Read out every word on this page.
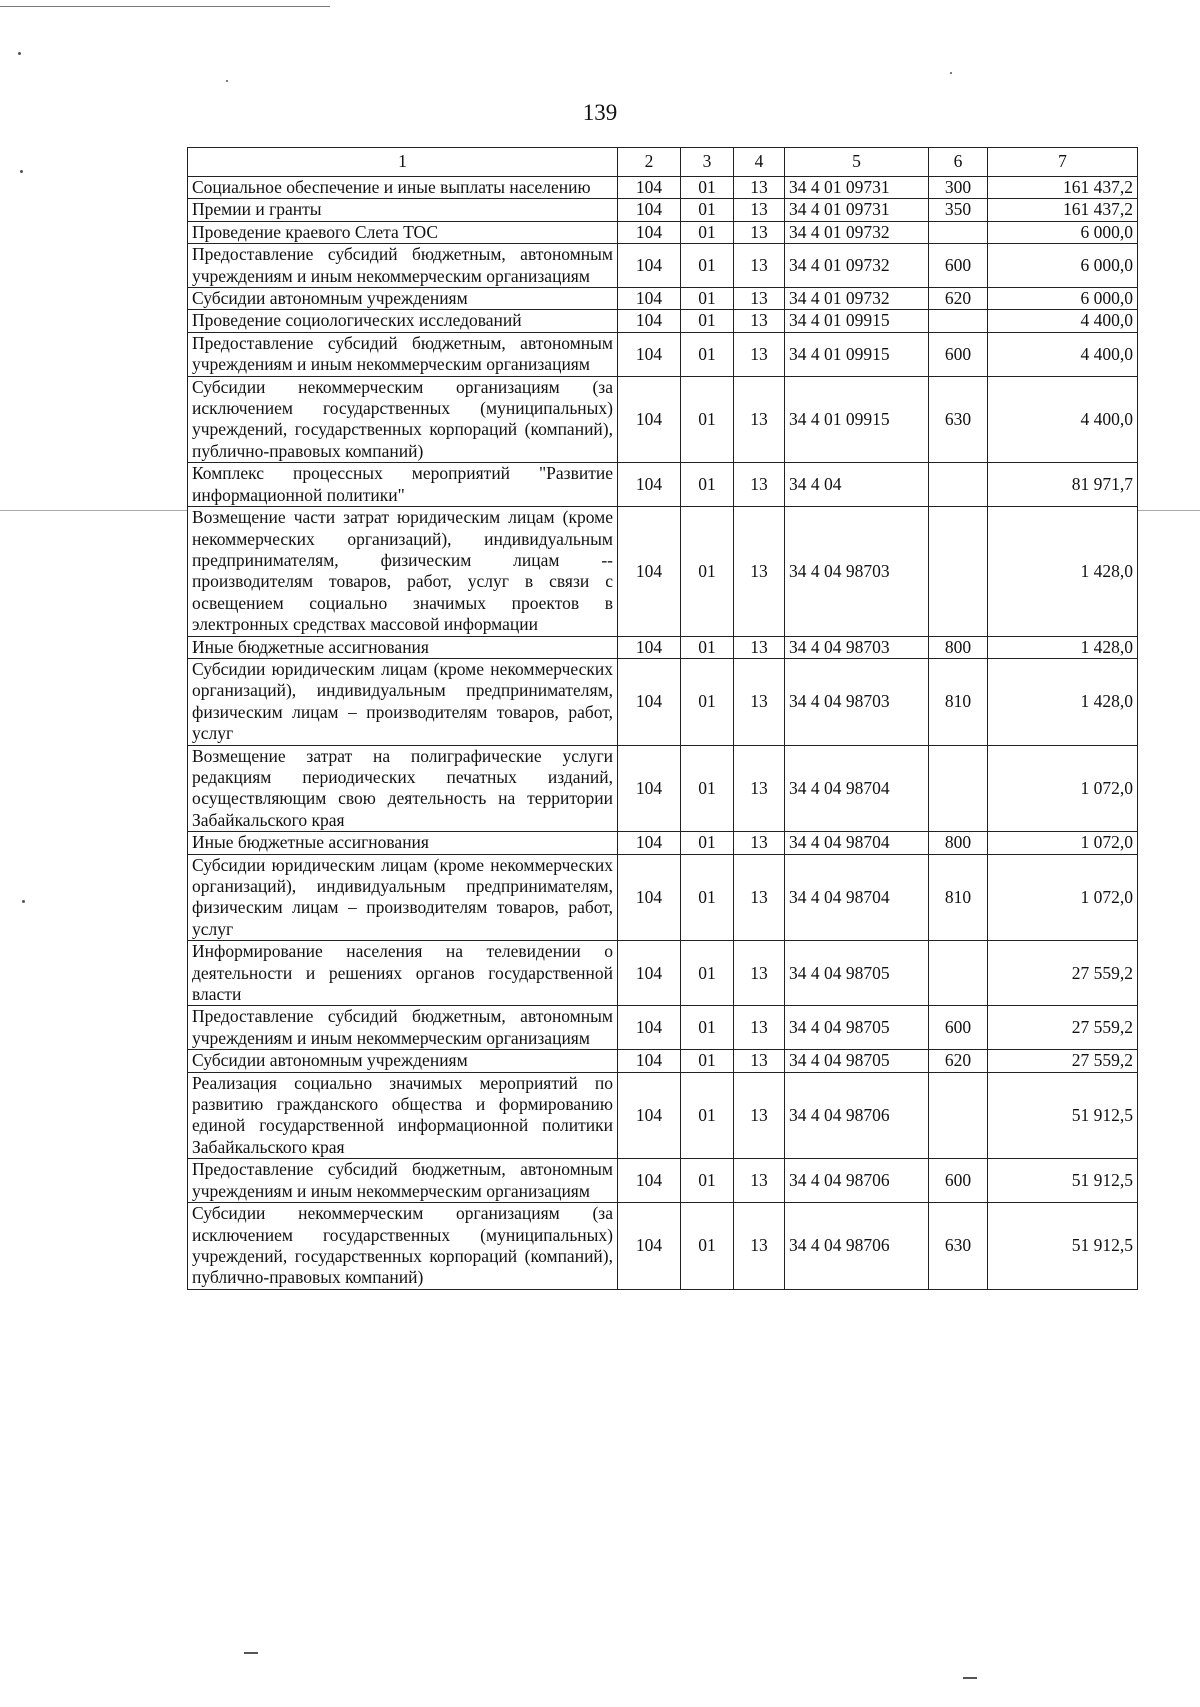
139
1	2	3	4	5	6	7
Социальное обеспечение и иные выплаты населению	104	01	13	34 4 01 09731	300	161 437,2
Премии и гранты	104	01	13	34 4 01 09731	350	161 437,2
Проведение краевого Слета ТОС	104	01	13	34 4 01 09732		6 000,0
Предоставление субсидий бюджетным, автономным учреждениям и иным некоммерческим организациям	104	01	13	34 4 01 09732	600	6 000,0
Субсидии автономным учреждениям	104	01	13	34 4 01 09732	620	6 000,0
Проведение социологических исследований	104	01	13	34 4 01 09915		4 400,0
Предоставление субсидий бюджетным, автономным учреждениям и иным некоммерческим организациям	104	01	13	34 4 01 09915	600	4 400,0
Субсидии некоммерческим организациям (за исключением государственных (муниципальных) учреждений, государственных корпораций (компаний), публично-правовых компаний)	104	01	13	34 4 01 09915	630	4 400,0
Комплекс процессных мероприятий "Развитие информационной политики"	104	01	13	34 4 04		81 971,7
Возмещение части затрат юридическим лицам (кроме некоммерческих организаций), индивидуальным предпринимателям, физическим лицам -- производителям товаров, работ, услуг в связи с освещением социально значимых проектов в электронных средствах массовой информации	104	01	13	34 4 04 98703		1 428,0
Иные бюджетные ассигнования	104	01	13	34 4 04 98703	800	1 428,0
Субсидии юридическим лицам (кроме некоммерческих организаций), индивидуальным предпринимателям, физическим лицам – производителям товаров, работ, услуг	104	01	13	34 4 04 98703	810	1 428,0
Возмещение затрат на полиграфические услуги редакциям периодических печатных изданий, осуществляющим свою деятельность на территории Забайкальского края	104	01	13	34 4 04 98704		1 072,0
Иные бюджетные ассигнования	104	01	13	34 4 04 98704	800	1 072,0
Субсидии юридическим лицам (кроме некоммерческих организаций), индивидуальным предпринимателям, физическим лицам – производителям товаров, работ, услуг	104	01	13	34 4 04 98704	810	1 072,0
Информирование населения на телевидении о деятельности и решениях органов государственной власти	104	01	13	34 4 04 98705		27 559,2
Предоставление субсидий бюджетным, автономным учреждениям и иным некоммерческим организациям	104	01	13	34 4 04 98705	600	27 559,2
Субсидии автономным учреждениям	104	01	13	34 4 04 98705	620	27 559,2
Реализация социально значимых мероприятий по развитию гражданского общества и формированию единой государственной информационной политики Забайкальского края	104	01	13	34 4 04 98706		51 912,5
Предоставление субсидий бюджетным, автономным учреждениям и иным некоммерческим организациям	104	01	13	34 4 04 98706	600	51 912,5
Субсидии некоммерческим организациям (за исключением государственных (муниципальных) учреждений, государственных корпораций (компаний), публично-правовых компаний)	104	01	13	34 4 04 98706	630	51 912,5
